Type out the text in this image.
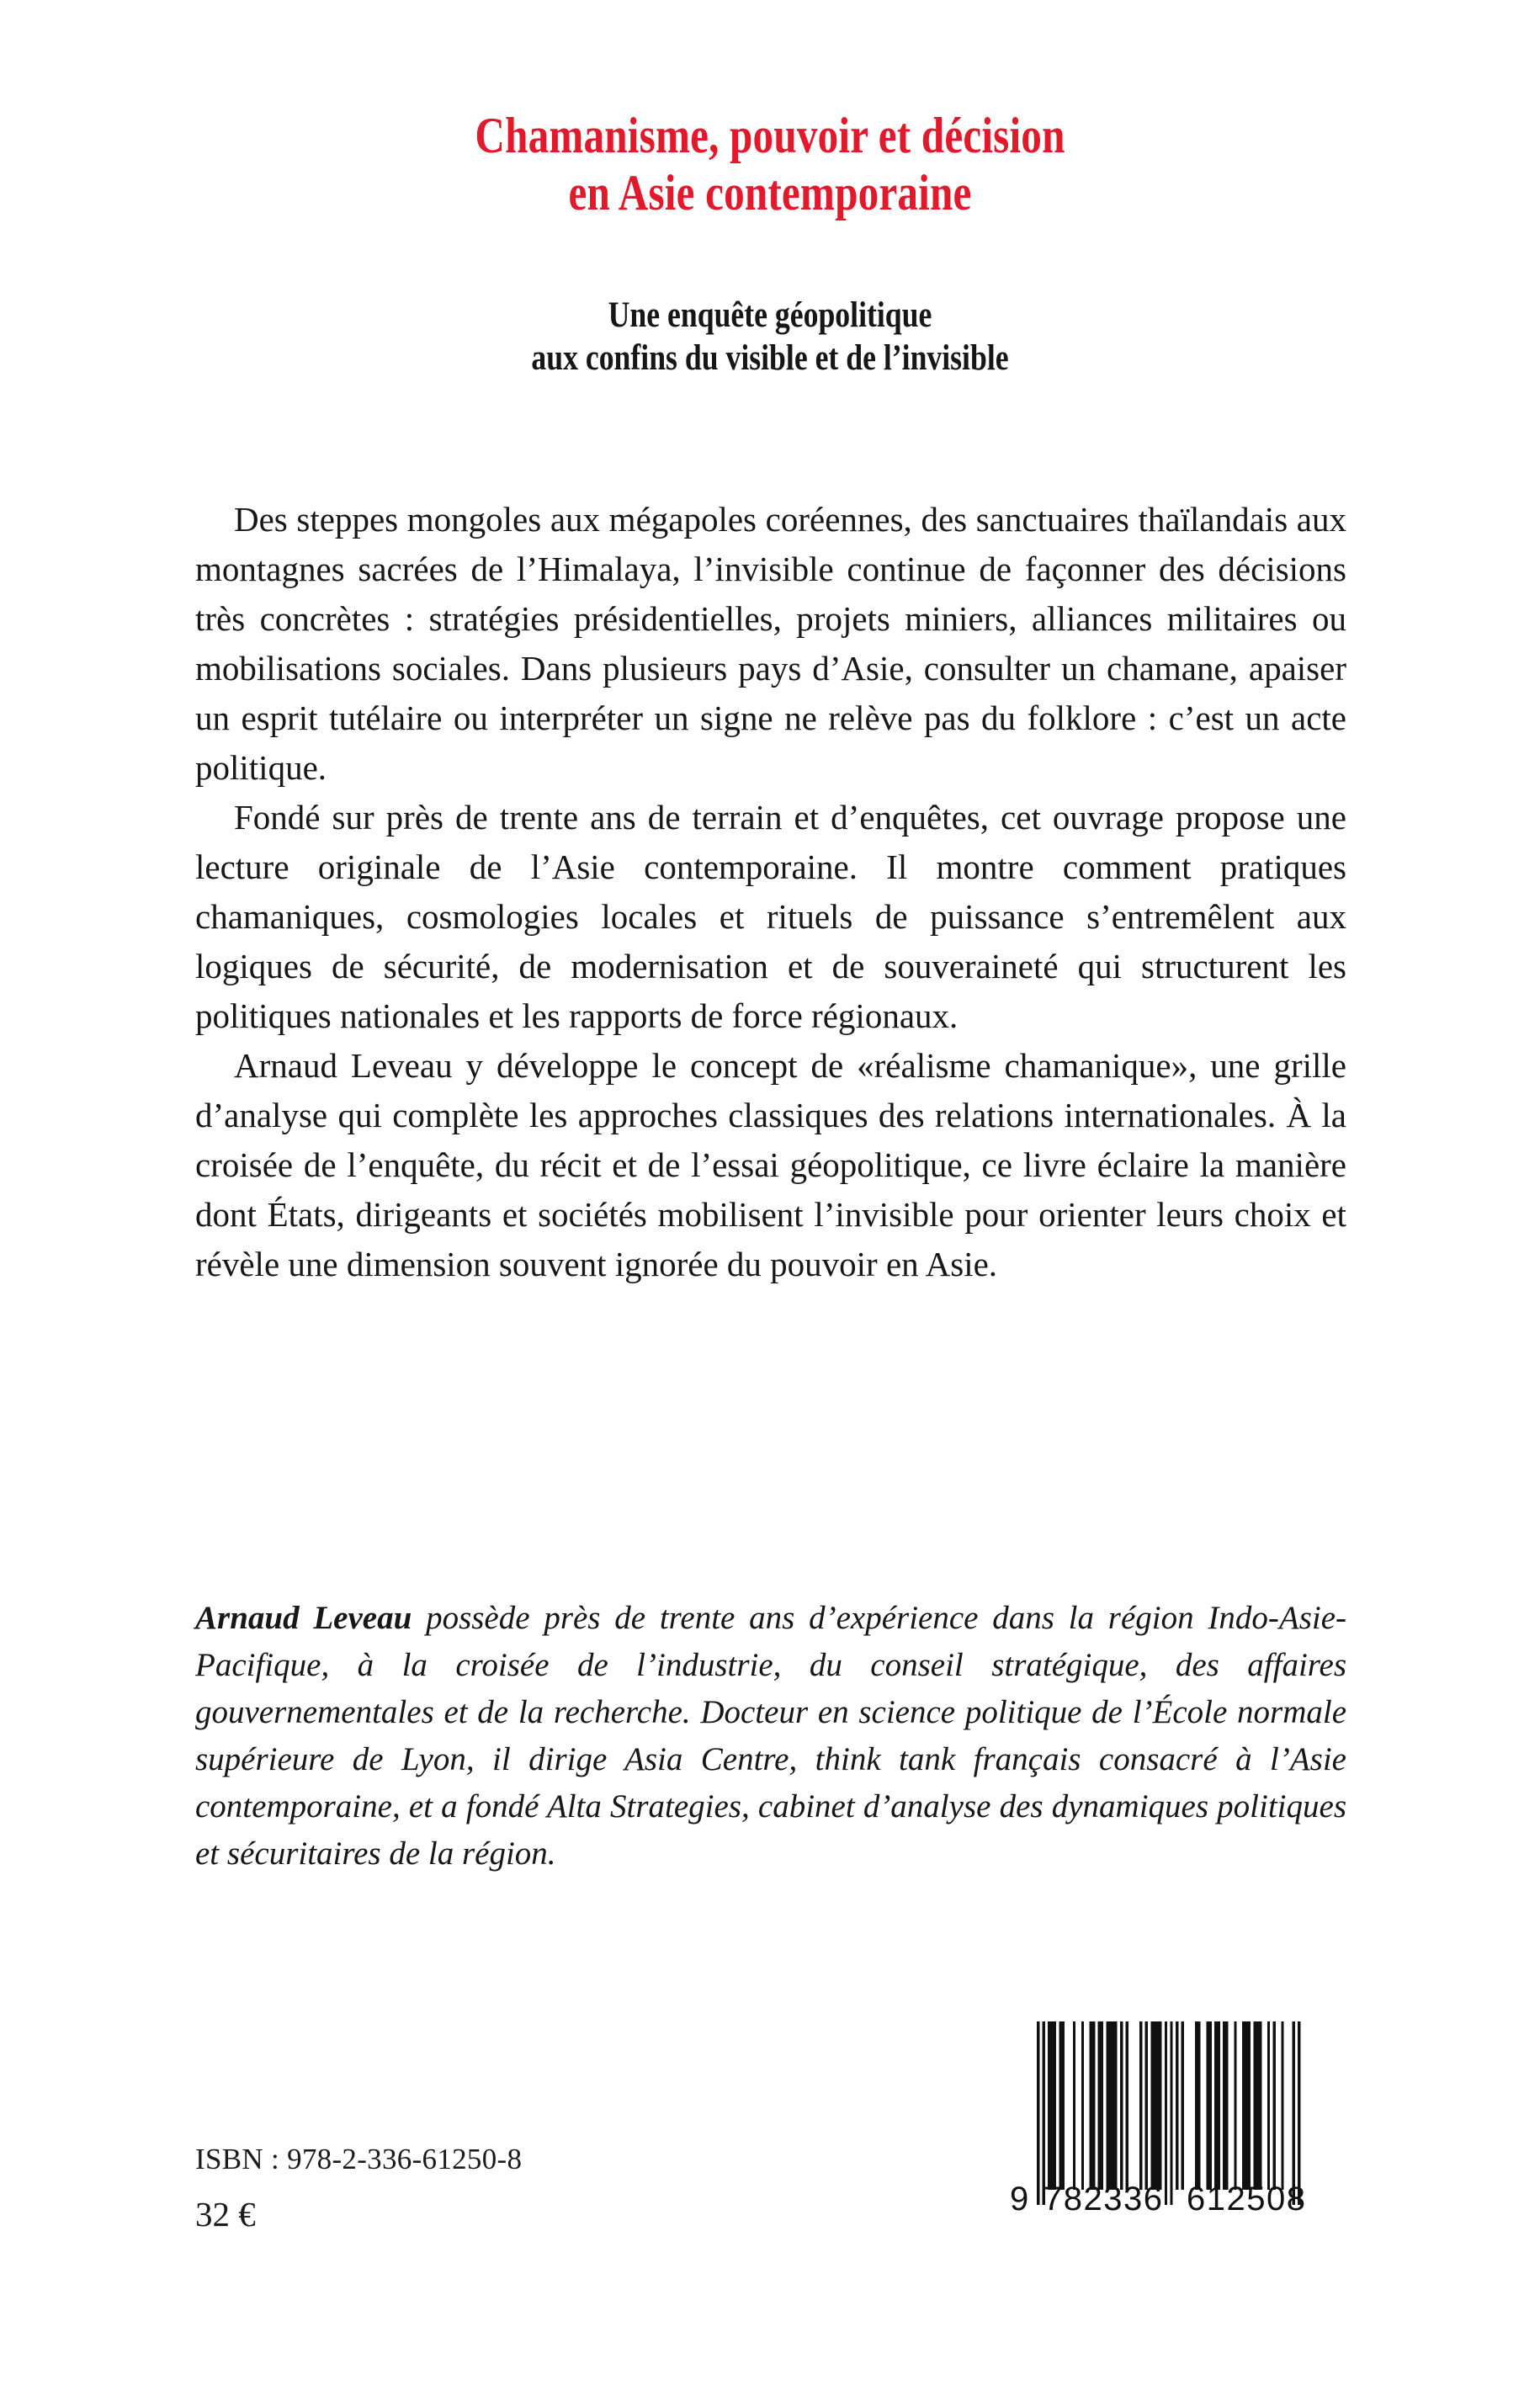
Chamanisme, pouvoir et décision
en Asie contemporaine
Une enquête géopolitique
aux confins du visible et de l’invisible

Des steppes mongoles aux mégapoles coréennes, des sanctuaires thaïlandais aux montagnes sacrées de l’Himalaya, l’invisible continue de façonner des décisions très concrètes : stratégies présidentielles, projets miniers, alliances militaires ou mobilisations sociales. Dans plusieurs pays d’Asie, consulter un chamane, apaiser un esprit tutélaire ou interpréter un signe ne relève pas du folklore : c’est un acte politique.

Fondé sur près de trente ans de terrain et d’enquêtes, cet ouvrage propose une lecture originale de l’Asie contemporaine. Il montre comment pratiques chamaniques, cosmologies locales et rituels de puissance s’entremêlent aux logiques de sécurité, de modernisation et de souveraineté qui structurent les politiques nationales et les rapports de force régionaux.

Arnaud Leveau y développe le concept de «réalisme chamanique», une grille d’analyse qui complète les approches classiques des relations internationales. À la croisée de l’enquête, du récit et de l’essai géopolitique, ce livre éclaire la manière dont États, dirigeants et sociétés mobilisent l’invisible pour orienter leurs choix et révèle une dimension souvent ignorée du pouvoir en Asie.

Arnaud Leveau possède près de trente ans d’expérience dans la région Indo-Asie-Pacifique, à la croisée de l’industrie, du conseil stratégique, des affaires gouvernementales et de la recherche. Docteur en science politique de l’École normale supérieure de Lyon, il dirige Asia Centre, think tank français consacré à l’Asie contemporaine, et a fondé Alta Strategies, cabinet d’analyse des dynamiques politiques et sécuritaires de la région.

ISBN : 978-2-336-61250-8
32 €	9 782336 612508
